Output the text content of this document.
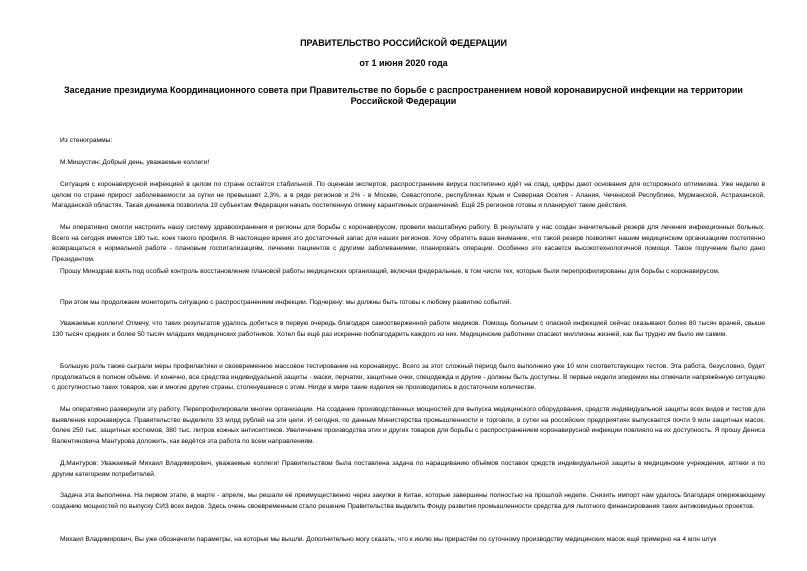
ПРАВИТЕЛЬСТВО РОССИЙСКОЙ ФЕДЕРАЦИИ

от 1 июня 2020 года

Заседание президиума Координационного совета при Правительстве по борьбе с распространением новой коронавирусной инфекции на территории Российской Федерации

Из стенограммы:

М.Мишустин: Добрый день, уважаемые коллеги!

Ситуация с коронавирусной инфекцией в целом по стране остаётся стабильной. По оценкам экспертов, распространение вируса постепенно идёт на спад, цифры дают основания для осторожного оптимизма. Уже неделю в целом по стране прирост заболеваемости за сутки не превышает 2,3%, а в ряде регионов и 2% - в Москве, Севастополе, республиках Крым и Северная Осетия - Алания, Чеченской Республике, Мурманской, Астраханской, Магаданской областях. Такая динамика позволила 19 субъектам Федерации начать постепенную отмену карантинных ограничений. Ещё 25 регионов готовы и планируют такие действия.

Мы оперативно смогли настроить нашу систему здравоохранения и регионы для борьбы с коронавирусом, провели масштабную работу. В результате у нас создан значительный резерв для лечения инфекционных больных. Всего на сегодня имеется 180 тыс. коек такого профиля. В настоящее время это достаточный запас для наших регионов. Хочу обратить ваше внимание, что такой резерв позволяет нашим медицинским организациям постепенно возвращаться к нормальной работе - плановым госпитализациям, лечению пациентов с другими заболеваниями, планировать операции. Особенно это касается высокотехнологичной помощи. Такое поручение было дано Президентом.

Прошу Минздрав взять под особый контроль восстановление плановой работы медицинских организаций, включая федеральные, в том числе тех, которые были перепрофилированы для борьбы с коронавирусом.

При этом мы продолжаем мониторить ситуацию с распространением инфекции. Подчеркну: мы должны быть готовы к любому развитию событий.

Уважаемые коллеги! Отмечу, что таких результатов удалось добиться в первую очередь благодаря самоотверженной работе медиков. Помощь больным с опасной инфекцией сейчас оказывают более 80 тысяч врачей, свыше 130 тысяч средних и более 50 тысяч младших медицинских работников. Хотел бы ещё раз искренне поблагодарить каждого из них. Медицинские работники спасают миллионы жизней, как бы трудно им было им самим.

Большую роль также сыграли меры профилактики и своевременное массовое тестирование на коронавирус. Всего за этот сложный период было выполнено уже 10 млн соответствующих тестов. Эта работа, безусловно, будет продолжаться в полном объёме. И конечно, все средства индивидуальной защиты - маски, перчатки, защитные очки, спецодежда и другие - должны быть доступны. В первые недели эпидемии мы отмечали напряжённую ситуацию с доступностью таких товаров, как и многие другие страны, столкнувшиеся с этим. Нигде в мире такие изделия не производились в достаточном количестве.

Мы оперативно развернули эту работу. Перепрофилировали многие организации. На создание производственных мощностей для выпуска медицинского оборудования, средств индивидуальной защиты всех видов и тестов для выявления коронавируса. Правительство выделило 33 млрд рублей на эти цели. И сегодня, по данным Министерства промышленности и торговли, в сутки на российских предприятиях выпускается почти 9 млн защитных масок, более 250 тыс. защитных костюмов, 380 тыс. литров кожных антисептиков. Увеличение производства этих и других товаров для борьбы с распространением коронавирусной инфекции повлияло на их доступность. Я прошу Дениса Валентиновича Мантурова доложить, как ведётся эта работа по всем направлениям.

Д.Мантуров: Уважаемый Михаил Владимирович, уважаемые коллеги! Правительством была поставлена задача по наращиванию объёмов поставок средств индивидуальной защиты в медицинские учреждения, аптеки и по другим категориям потребителей.

Задача эта выполнена. На первом этапе, в марте - апреле, мы решали её преимущественно через закупки в Китае, которые завершены полностью на прошлой неделе. Снизить импорт нам удалось благодаря опережающему созданию мощностей по выпуску СИЗ всех видов. Здесь очень своевременным стало решение Правительства выделить Фонду развития промышленности средства для льготного финансирования таких антиковидных проектов.

Михаил Владимирович, Вы уже обозначили параметры, на которые мы вышли. Дополнительно могу сказать, что к июлю мы прирастём по суточному производству медицинских масок ещё примерно на 4 млн штук
